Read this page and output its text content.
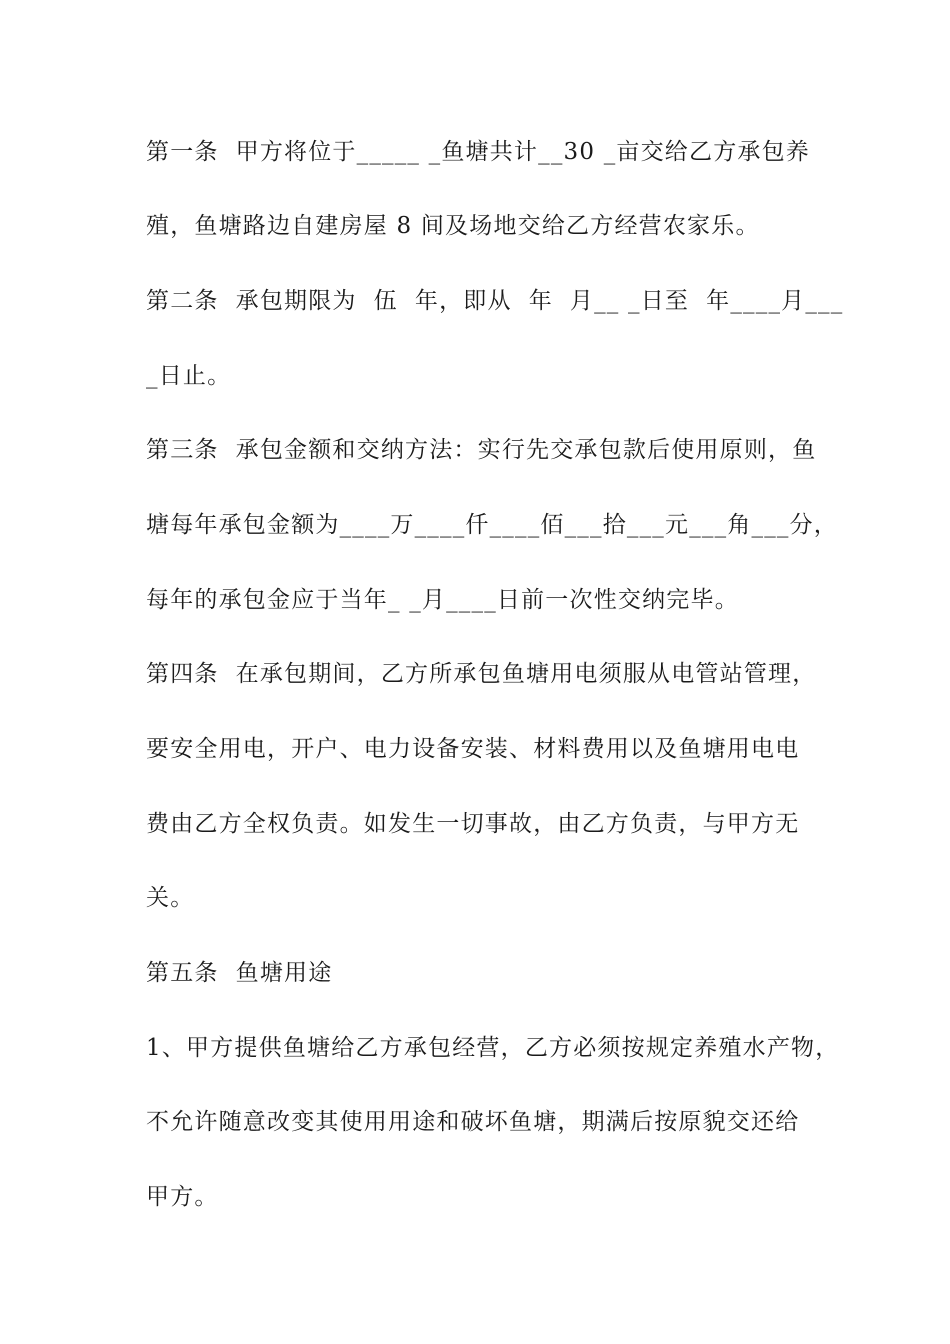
第一条  甲方将位于_____ _鱼塘共计__30 _亩交给乙方承包养
殖，鱼塘路边自建房屋 8 间及场地交给乙方经营农家乐。
第二条  承包期限为  伍  年，即从  年  月__ _日至  年____月___
_日止。
第三条  承包金额和交纳方法：实行先交承包款后使用原则，鱼
塘每年承包金额为____万____仟____佰___拾___元___角___分，
每年的承包金应于当年_ _月____日前一次性交纳完毕。
第四条  在承包期间，乙方所承包鱼塘用电须服从电管站管理，
要安全用电，开户、电力设备安装、材料费用以及鱼塘用电电
费由乙方全权负责。如发生一切事故，由乙方负责，与甲方无
关。
第五条  鱼塘用途
1、甲方提供鱼塘给乙方承包经营，乙方必须按规定养殖水产物，
不允许随意改变其使用用途和破坏鱼塘，期满后按原貌交还给
甲方。
